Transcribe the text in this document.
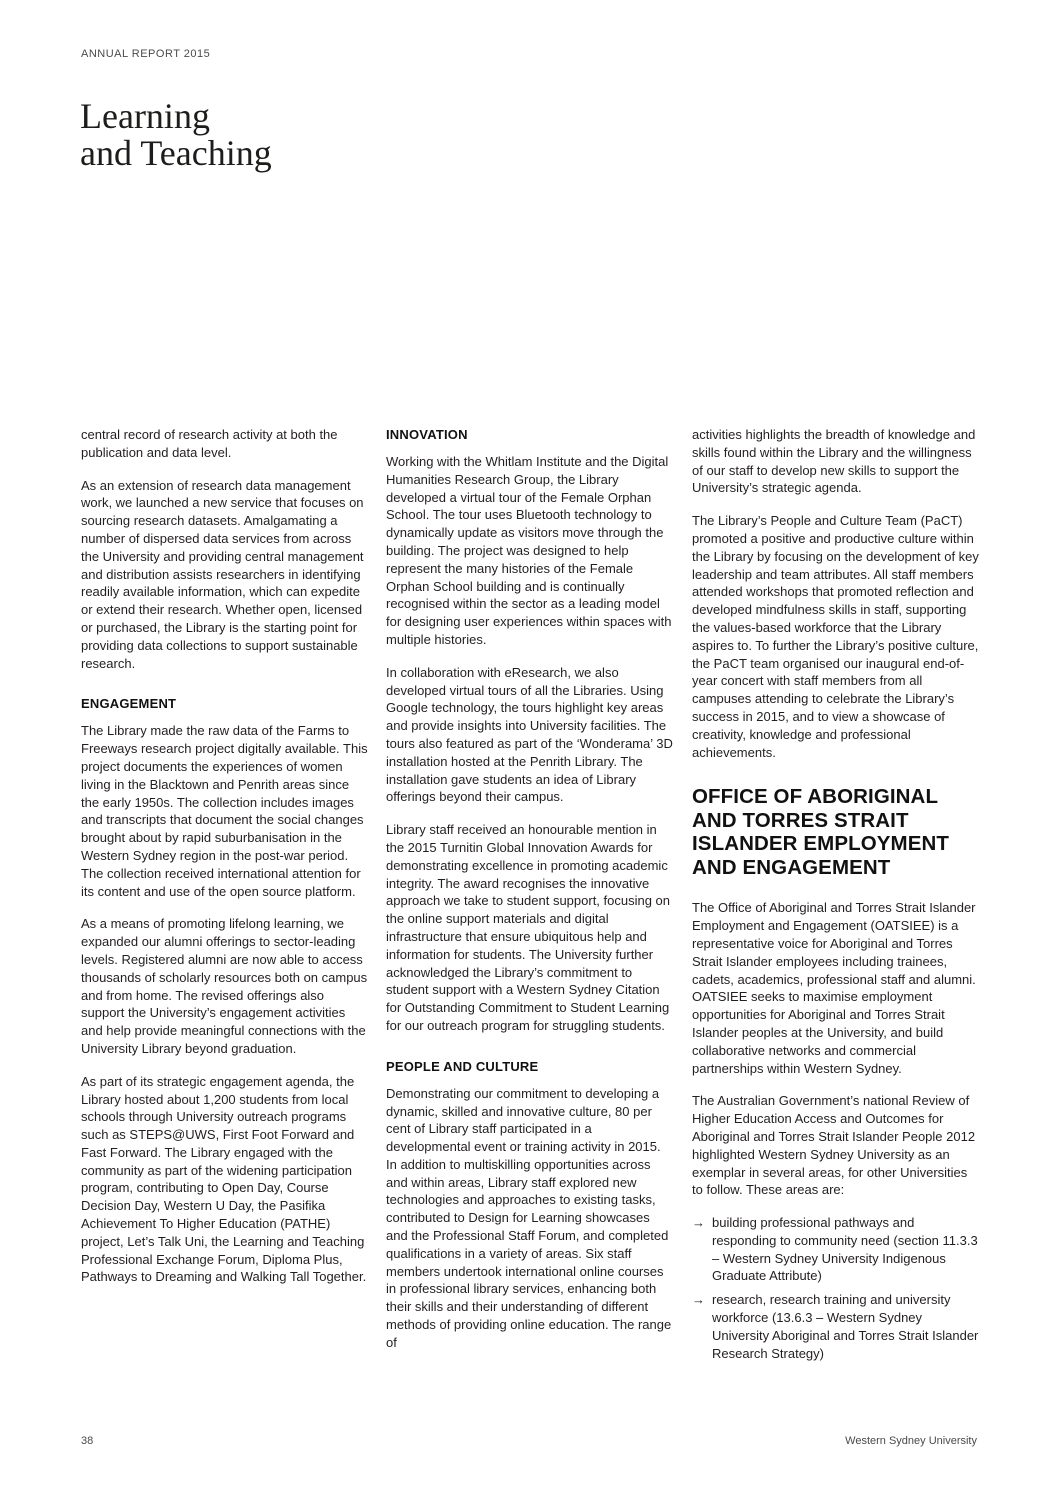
ANNUAL REPORT 2015
Learning
and Teaching

central record of research activity at both the publication and data level.

As an extension of research data management work, we launched a new service that focuses on sourcing research datasets. Amalgamating a number of dispersed data services from across the University and providing central management and distribution assists researchers in identifying readily available information, which can expedite or extend their research. Whether open, licensed or purchased, the Library is the starting point for providing data collections to support sustainable research.

ENGAGEMENT

The Library made the raw data of the Farms to Freeways research project digitally available. This project documents the experiences of women living in the Blacktown and Penrith areas since the early 1950s. The collection includes images and transcripts that document the social changes brought about by rapid suburbanisation in the Western Sydney region in the post-war period. The collection received international attention for its content and use of the open source platform.

As a means of promoting lifelong learning, we expanded our alumni offerings to sector-leading levels. Registered alumni are now able to access thousands of scholarly resources both on campus and from home. The revised offerings also support the University’s engagement activities and help provide meaningful connections with the University Library beyond graduation.

As part of its strategic engagement agenda, the Library hosted about 1,200 students from local schools through University outreach programs such as STEPS@UWS, First Foot Forward and Fast Forward. The Library engaged with the community as part of the widening participation program, contributing to Open Day, Course Decision Day, Western U Day, the Pasifika Achievement To Higher Education (PATHE) project, Let’s Talk Uni, the Learning and Teaching Professional Exchange Forum, Diploma Plus, Pathways to Dreaming and Walking Tall Together.

INNOVATION

Working with the Whitlam Institute and the Digital Humanities Research Group, the Library developed a virtual tour of the Female Orphan School. The tour uses Bluetooth technology to dynamically update as visitors move through the building. The project was designed to help represent the many histories of the Female Orphan School building and is continually recognised within the sector as a leading model for designing user experiences within spaces with multiple histories.

In collaboration with eResearch, we also developed virtual tours of all the Libraries. Using Google technology, the tours highlight key areas and provide insights into University facilities. The tours also featured as part of the ‘Wonderama’ 3D installation hosted at the Penrith Library. The installation gave students an idea of Library offerings beyond their campus.

Library staff received an honourable mention in the 2015 Turnitin Global Innovation Awards for demonstrating excellence in promoting academic integrity. The award recognises the innovative approach we take to student support, focusing on the online support materials and digital infrastructure that ensure ubiquitous help and information for students. The University further acknowledged the Library’s commitment to student support with a Western Sydney Citation for Outstanding Commitment to Student Learning for our outreach program for struggling students.

PEOPLE AND CULTURE

Demonstrating our commitment to developing a dynamic, skilled and innovative culture, 80 per cent of Library staff participated in a developmental event or training activity in 2015. In addition to multiskilling opportunities across and within areas, Library staff explored new technologies and approaches to existing tasks, contributed to Design for Learning showcases and the Professional Staff Forum, and completed qualifications in a variety of areas. Six staff members undertook international online courses in professional library services, enhancing both their skills and their understanding of different methods of providing online education. The range of

activities highlights the breadth of knowledge and skills found within the Library and the willingness of our staff to develop new skills to support the University’s strategic agenda.

The Library’s People and Culture Team (PaCT) promoted a positive and productive culture within the Library by focusing on the development of key leadership and team attributes. All staff members attended workshops that promoted reflection and developed mindfulness skills in staff, supporting the values-based workforce that the Library aspires to. To further the Library’s positive culture, the PaCT team organised our inaugural end-of-year concert with staff members from all campuses attending to celebrate the Library’s success in 2015, and to view a showcase of creativity, knowledge and professional achievements.

OFFICE OF ABORIGINAL AND TORRES STRAIT ISLANDER EMPLOYMENT AND ENGAGEMENT

The Office of Aboriginal and Torres Strait Islander Employment and Engagement (OATSIEE) is a representative voice for Aboriginal and Torres Strait Islander employees including trainees, cadets, academics, professional staff and alumni. OATSIEE seeks to maximise employment opportunities for Aboriginal and Torres Strait Islander peoples at the University, and build collaborative networks and commercial partnerships within Western Sydney.

The Australian Government’s national Review of Higher Education Access and Outcomes for Aboriginal and Torres Strait Islander People 2012 highlighted Western Sydney University as an exemplar in several areas, for other Universities to follow. These areas are:

→ building professional pathways and responding to community need (section 11.3.3 – Western Sydney University Indigenous Graduate Attribute)
→ research, research training and university workforce (13.6.3 – Western Sydney University Aboriginal and Torres Strait Islander Research Strategy)
38	Western Sydney University
